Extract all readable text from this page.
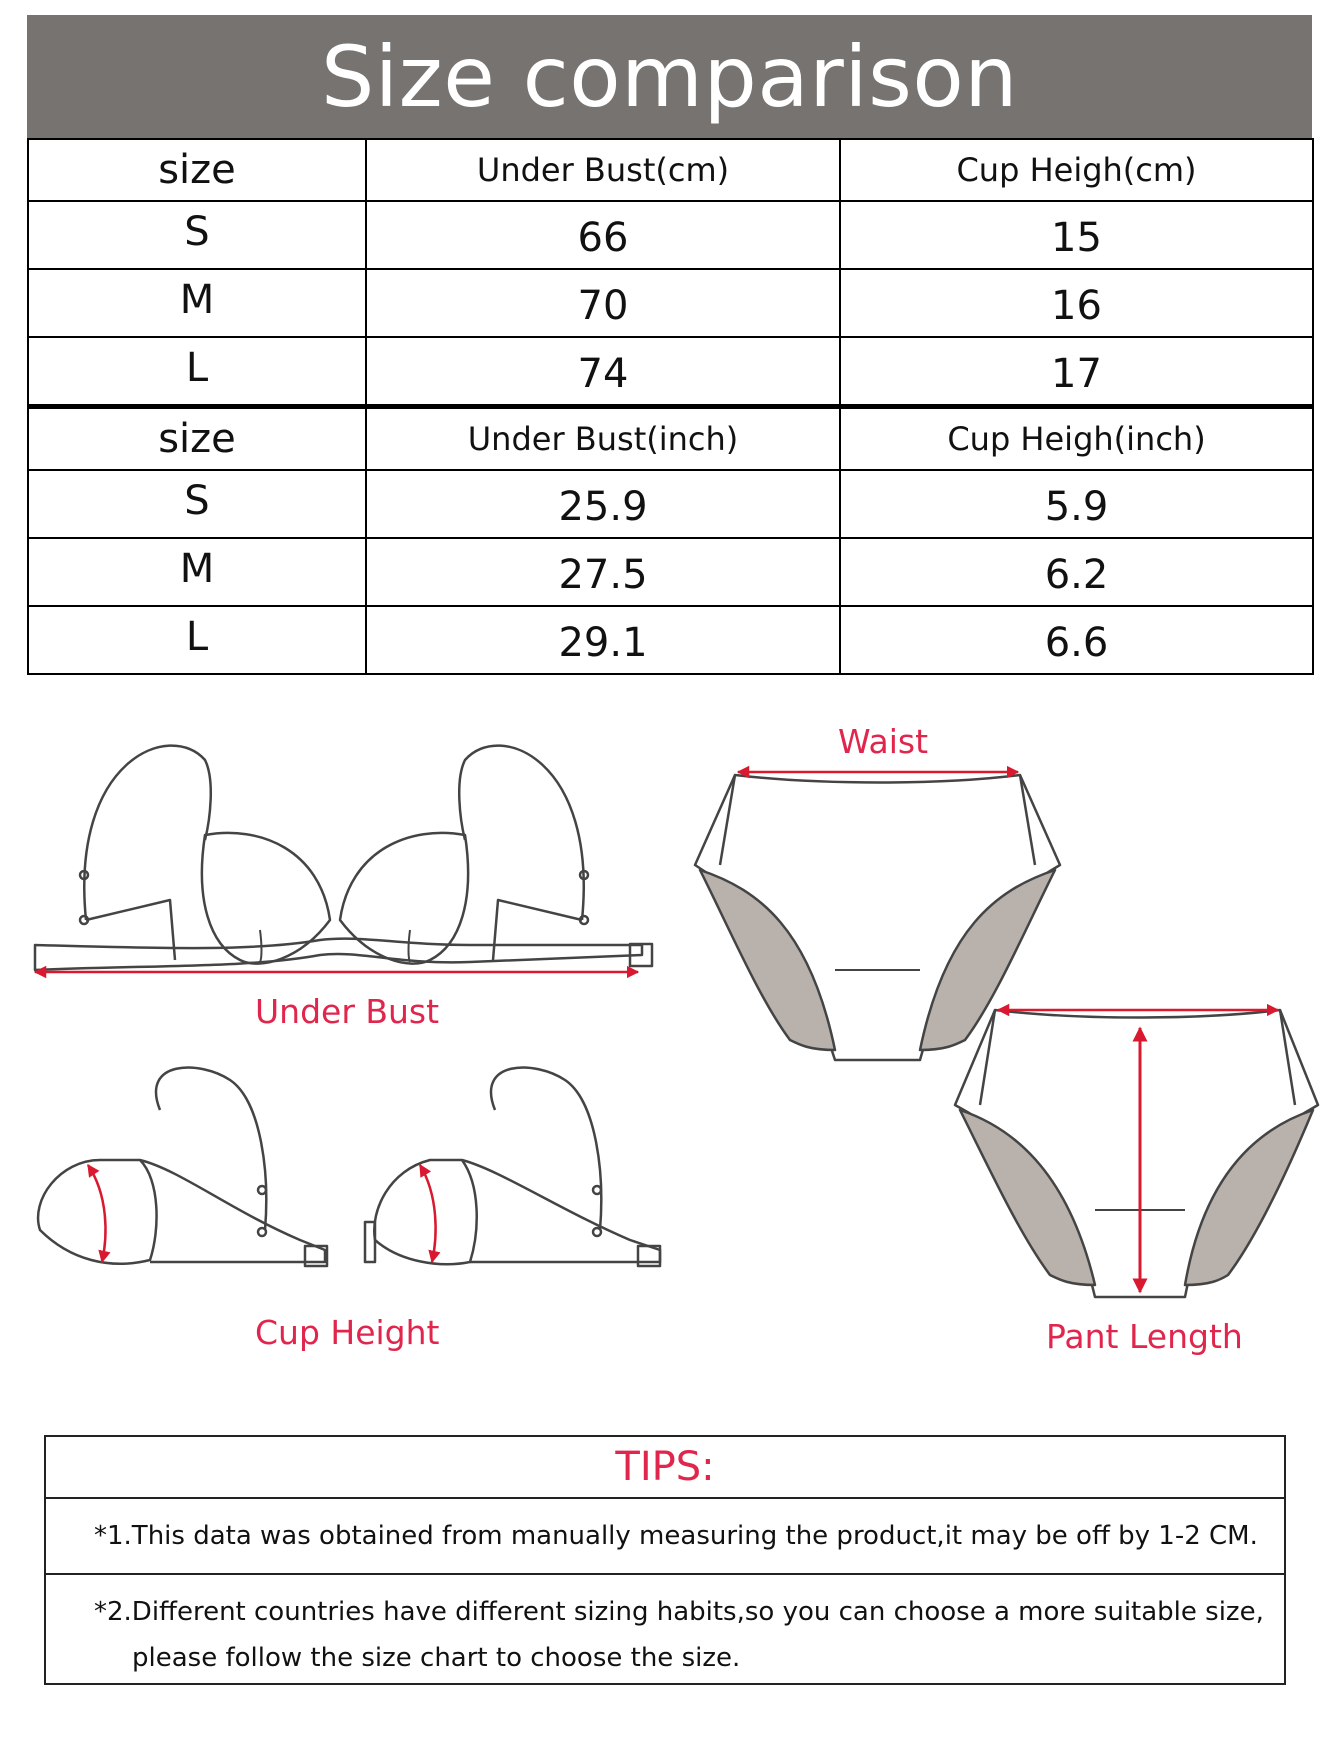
Size comparison
size	Under Bust(cm)	Cup Heigh(cm)
S	66	15
M	70	16
L	74	17
size	Under Bust(inch)	Cup Heigh(inch)
S	25.9	5.9
M	27.5	6.2
L	29.1	6.6
Waist
Under Bust
Cup Height	Pant Length
TIPS:
*1.This data was obtained from manually measuring the product,it may be off by 1-2 CM.
*2.Different countries have different sizing habits,so you can choose a more suitable size,
please follow the size chart to choose the size.
